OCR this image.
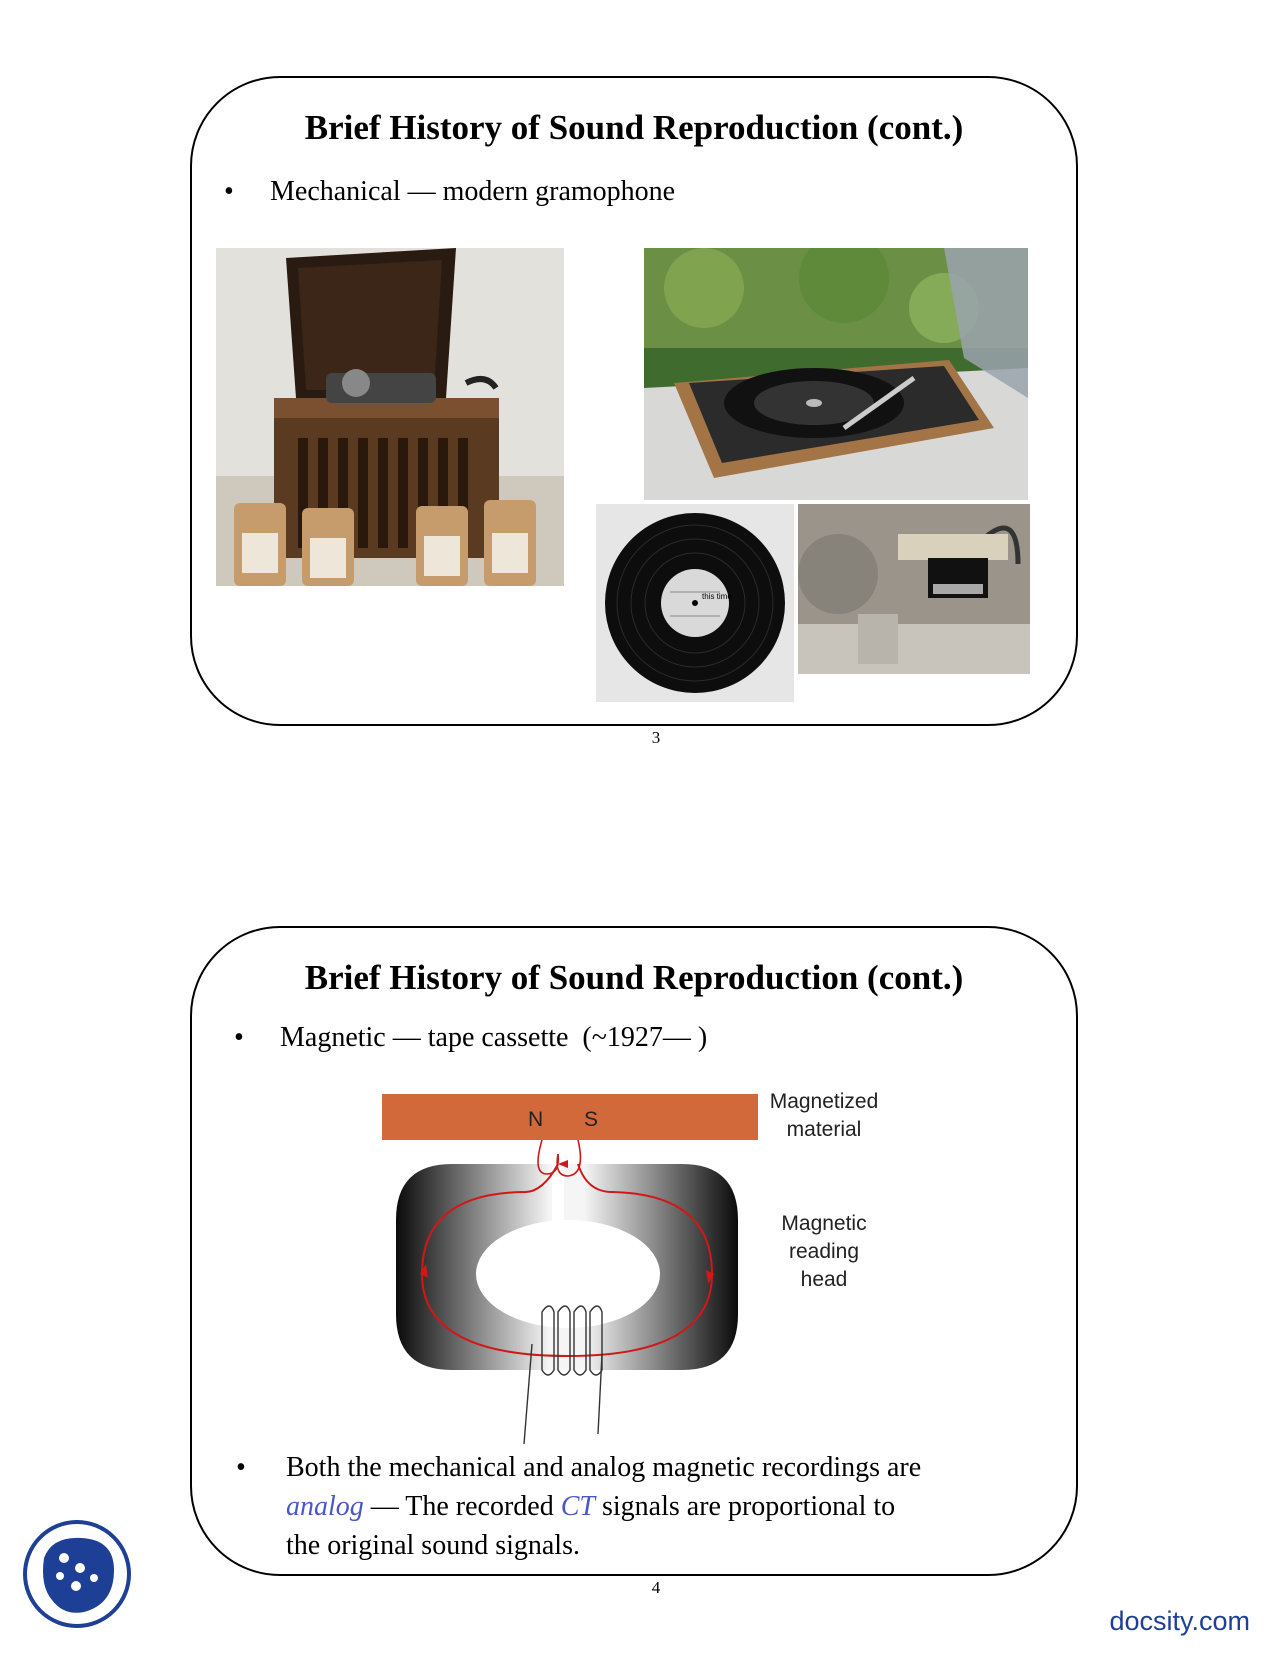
Brief History of Sound Reproduction (cont.)
• Mechanical — modern gramophone
this time
3
Brief History of Sound Reproduction (cont.)
• Magnetic — tape cassette  (~1927— )
N S
Magnetized
material
Magnetic
reading
head
• Both the mechanical and analog magnetic recordings are
analog — The recorded CT signals are proportional to
the original sound signals.
4
docsity.com
